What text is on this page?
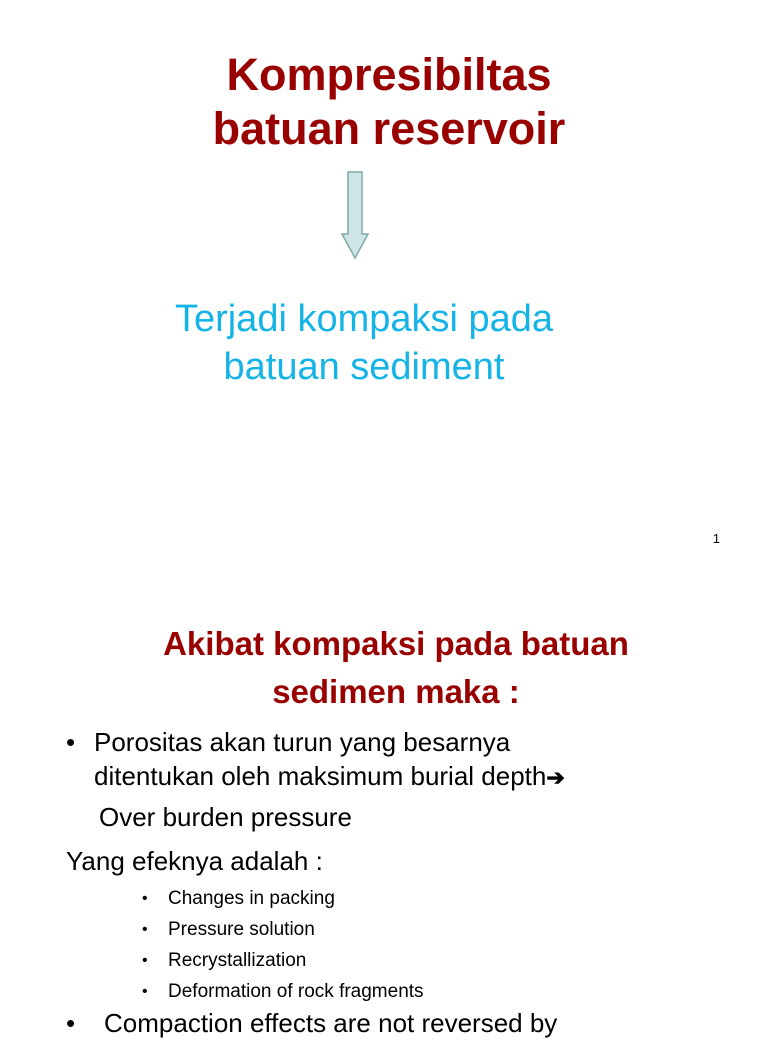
Kompresibiltas
batuan reservoir
Terjadi kompaksi pada
batuan sediment
1
Akibat kompaksi pada batuan
sedimen maka :
• Porositas akan turun yang besarnya
ditentukan oleh maksimum burial depth➔
Over burden pressure
Yang efeknya adalah :
• Changes in packing
• Pressure solution
• Recrystallization
• Deformation of rock fragments
•	Compaction effects are not reversed by
